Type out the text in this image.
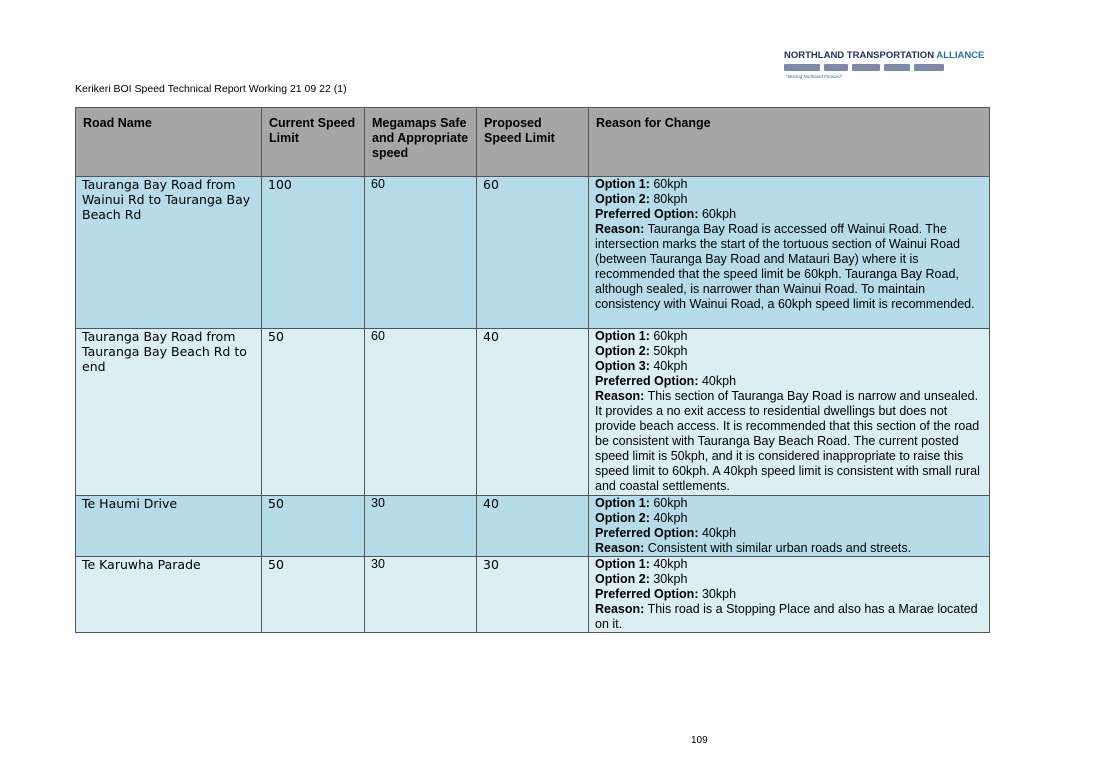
NORTHLAND TRANSPORTATION ALLIANCE
"Moving Northland Forward"
Kerikeri BOI Speed Technical Report Working 21 09 22 (1)
Road Name	Current Speed Limit	Megamaps Safe and Appropriate speed	Proposed Speed Limit	Reason for Change
Tauranga Bay Road from Wainui Rd to Tauranga Bay Beach Rd	100	60	60	Option 1: 60kph

Option 2: 80kph

Preferred Option: 60kph

Reason: Tauranga Bay Road is accessed off Wainui Road. The intersection marks the start of the tortuous section of Wainui Road (between Tauranga Bay Road and Matauri Bay) where it is recommended that the speed limit be 60kph. Tauranga Bay Road, although sealed, is narrower than Wainui Road. To maintain consistency with Wainui Road, a 60kph speed limit is recommended.

Tauranga Bay Road from Tauranga Bay Beach Rd to end	50	60	40	Option 1: 60kph

Option 2: 50kph

Option 3: 40kph

Preferred Option: 40kph

Reason: This section of Tauranga Bay Road is narrow and unsealed. It provides a no exit access to residential dwellings but does not provide beach access. It is recommended that this section of the road be consistent with Tauranga Bay Beach Road. The current posted speed limit is 50kph, and it is considered inappropriate to raise this speed limit to 60kph. A 40kph speed limit is consistent with small rural and coastal settlements.

Te Haumi Drive	50	30	40	Option 1: 60kph

Option 2: 40kph

Preferred Option: 40kph

Reason: Consistent with similar urban roads and streets.

Te Karuwha Parade	50	30	30	Option 1: 40kph

Option 2: 30kph

Preferred Option: 30kph

Reason: This road is a Stopping Place and also has a Marae located on it.

109
